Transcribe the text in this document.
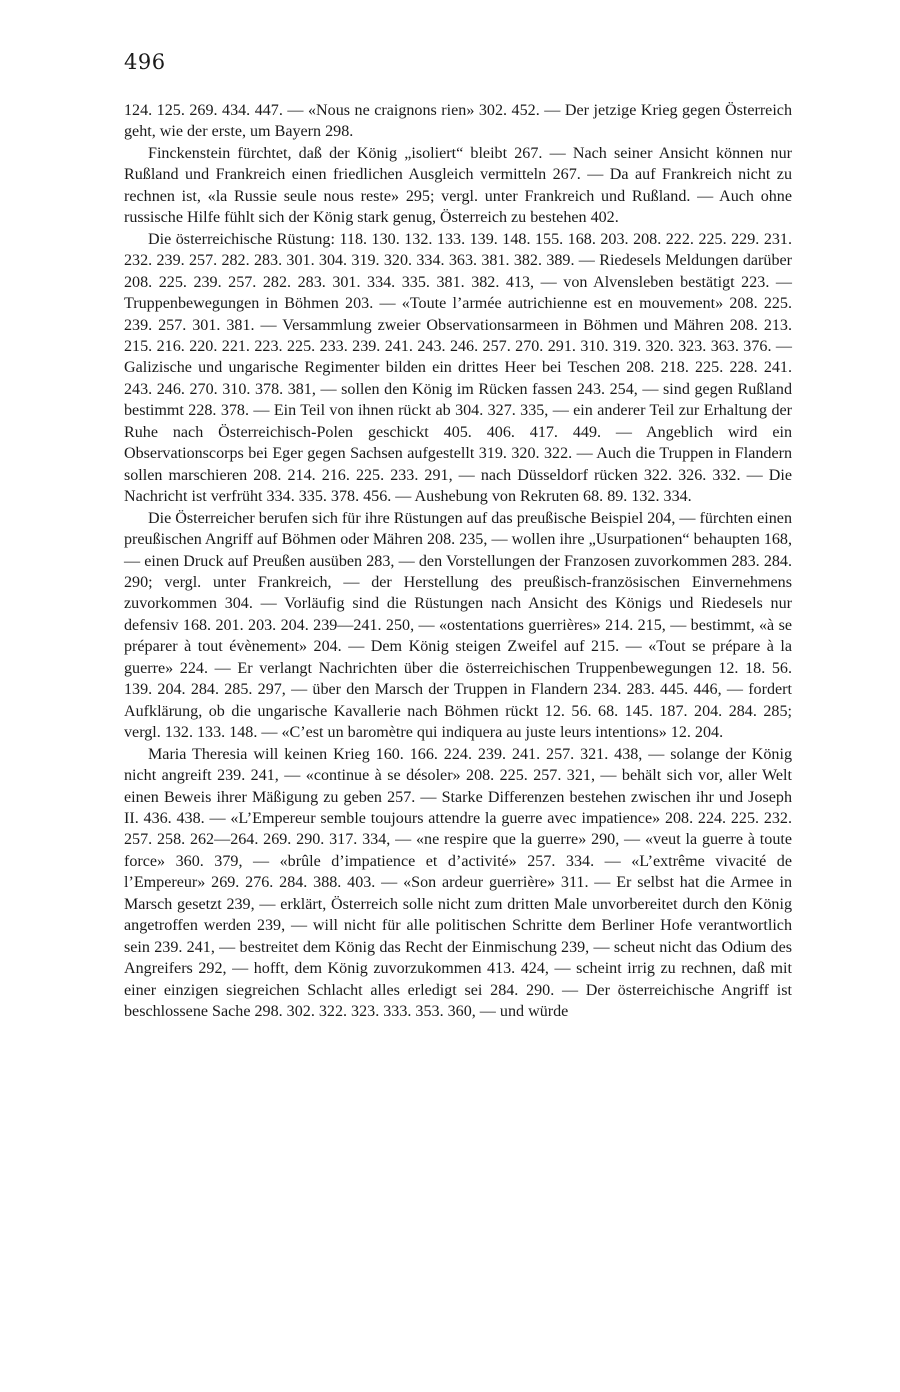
496

124. 125. 269. 434. 447. — «Nous ne craignons rien» 302. 452. — Der jetzige Krieg gegen Österreich geht, wie der erste, um Bayern 298.

Finckenstein fürchtet, daß der König „isoliert“ bleibt 267. — Nach seiner Ansicht können nur Rußland und Frankreich einen friedlichen Ausgleich vermitteln 267. — Da auf Frankreich nicht zu rechnen ist, «la Russie seule nous reste» 295; vergl. unter Frankreich und Rußland. — Auch ohne russische Hilfe fühlt sich der König stark genug, Österreich zu bestehen 402.

Die österreichische Rüstung: 118. 130. 132. 133. 139. 148. 155. 168. 203. 208. 222. 225. 229. 231. 232. 239. 257. 282. 283. 301. 304. 319. 320. 334. 363. 381. 382. 389. — Riedesels Meldungen darüber 208. 225. 239. 257. 282. 283. 301. 334. 335. 381. 382. 413, — von Alvensleben bestätigt 223. — Truppenbewegungen in Böhmen 203. — «Toute l’armée autrichienne est en mouvement» 208. 225. 239. 257. 301. 381. — Versammlung zweier Observationsarmeen in Böhmen und Mähren 208. 213. 215. 216. 220. 221. 223. 225. 233. 239. 241. 243. 246. 257. 270. 291. 310. 319. 320. 323. 363. 376. — Galizische und ungarische Regimenter bilden ein drittes Heer bei Teschen 208. 218. 225. 228. 241. 243. 246. 270. 310. 378. 381, — sollen den König im Rücken fassen 243. 254, — sind gegen Rußland bestimmt 228. 378. — Ein Teil von ihnen rückt ab 304. 327. 335, — ein anderer Teil zur Erhaltung der Ruhe nach Österreichisch-Polen geschickt 405. 406. 417. 449. — Angeblich wird ein Observationscorps bei Eger gegen Sachsen aufgestellt 319. 320. 322. — Auch die Truppen in Flandern sollen marschieren 208. 214. 216. 225. 233. 291, — nach Düsseldorf rücken 322. 326. 332. — Die Nachricht ist verfrüht 334. 335. 378. 456. — Aushebung von Rekruten 68. 89. 132. 334.

Die Österreicher berufen sich für ihre Rüstungen auf das preußische Beispiel 204, — fürchten einen preußischen Angriff auf Böhmen oder Mähren 208. 235, — wollen ihre „Usurpationen“ behaupten 168, — einen Druck auf Preußen ausüben 283, — den Vorstellungen der Franzosen zuvorkommen 283. 284. 290; vergl. unter Frankreich, — der Herstellung des preußisch-französischen Einvernehmens zuvorkommen 304. — Vorläufig sind die Rüstungen nach Ansicht des Königs und Riedesels nur defensiv 168. 201. 203. 204. 239—241. 250, — «ostentations guerrières» 214. 215, — bestimmt, «à se préparer à tout évènement» 204. — Dem König steigen Zweifel auf 215. — «Tout se prépare à la guerre» 224. — Er verlangt Nachrichten über die österreichischen Truppenbewegungen 12. 18. 56. 139. 204. 284. 285. 297, — über den Marsch der Truppen in Flandern 234. 283. 445. 446, — fordert Aufklärung, ob die ungarische Kavallerie nach Böhmen rückt 12. 56. 68. 145. 187. 204. 284. 285; vergl. 132. 133. 148. — «C’est un baromètre qui indiquera au juste leurs intentions» 12. 204.

Maria Theresia will keinen Krieg 160. 166. 224. 239. 241. 257. 321. 438, — solange der König nicht angreift 239. 241, — «continue à se désoler» 208. 225. 257. 321, — behält sich vor, aller Welt einen Beweis ihrer Mäßigung zu geben 257. — Starke Differenzen bestehen zwischen ihr und Joseph II. 436. 438. — «L’Empereur semble toujours attendre la guerre avec impatience» 208. 224. 225. 232. 257. 258. 262—264. 269. 290. 317. 334, — «ne respire que la guerre» 290, — «veut la guerre à toute force» 360. 379, — «brûle d’impatience et d’activité» 257. 334. — «L’extrême vivacité de l’Empereur» 269. 276. 284. 388. 403. — «Son ardeur guerrière» 311. — Er selbst hat die Armee in Marsch gesetzt 239, — erklärt, Österreich solle nicht zum dritten Male unvorbereitet durch den König angetroffen werden 239, — will nicht für alle politischen Schritte dem Berliner Hofe verantwortlich sein 239. 241, — bestreitet dem König das Recht der Einmischung 239, — scheut nicht das Odium des Angreifers 292, — hofft, dem König zuvorzukommen 413. 424, — scheint irrig zu rechnen, daß mit einer einzigen siegreichen Schlacht alles erledigt sei 284. 290. — Der österreichische Angriff ist beschlossene Sache 298. 302. 322. 323. 333. 353. 360, — und würde
